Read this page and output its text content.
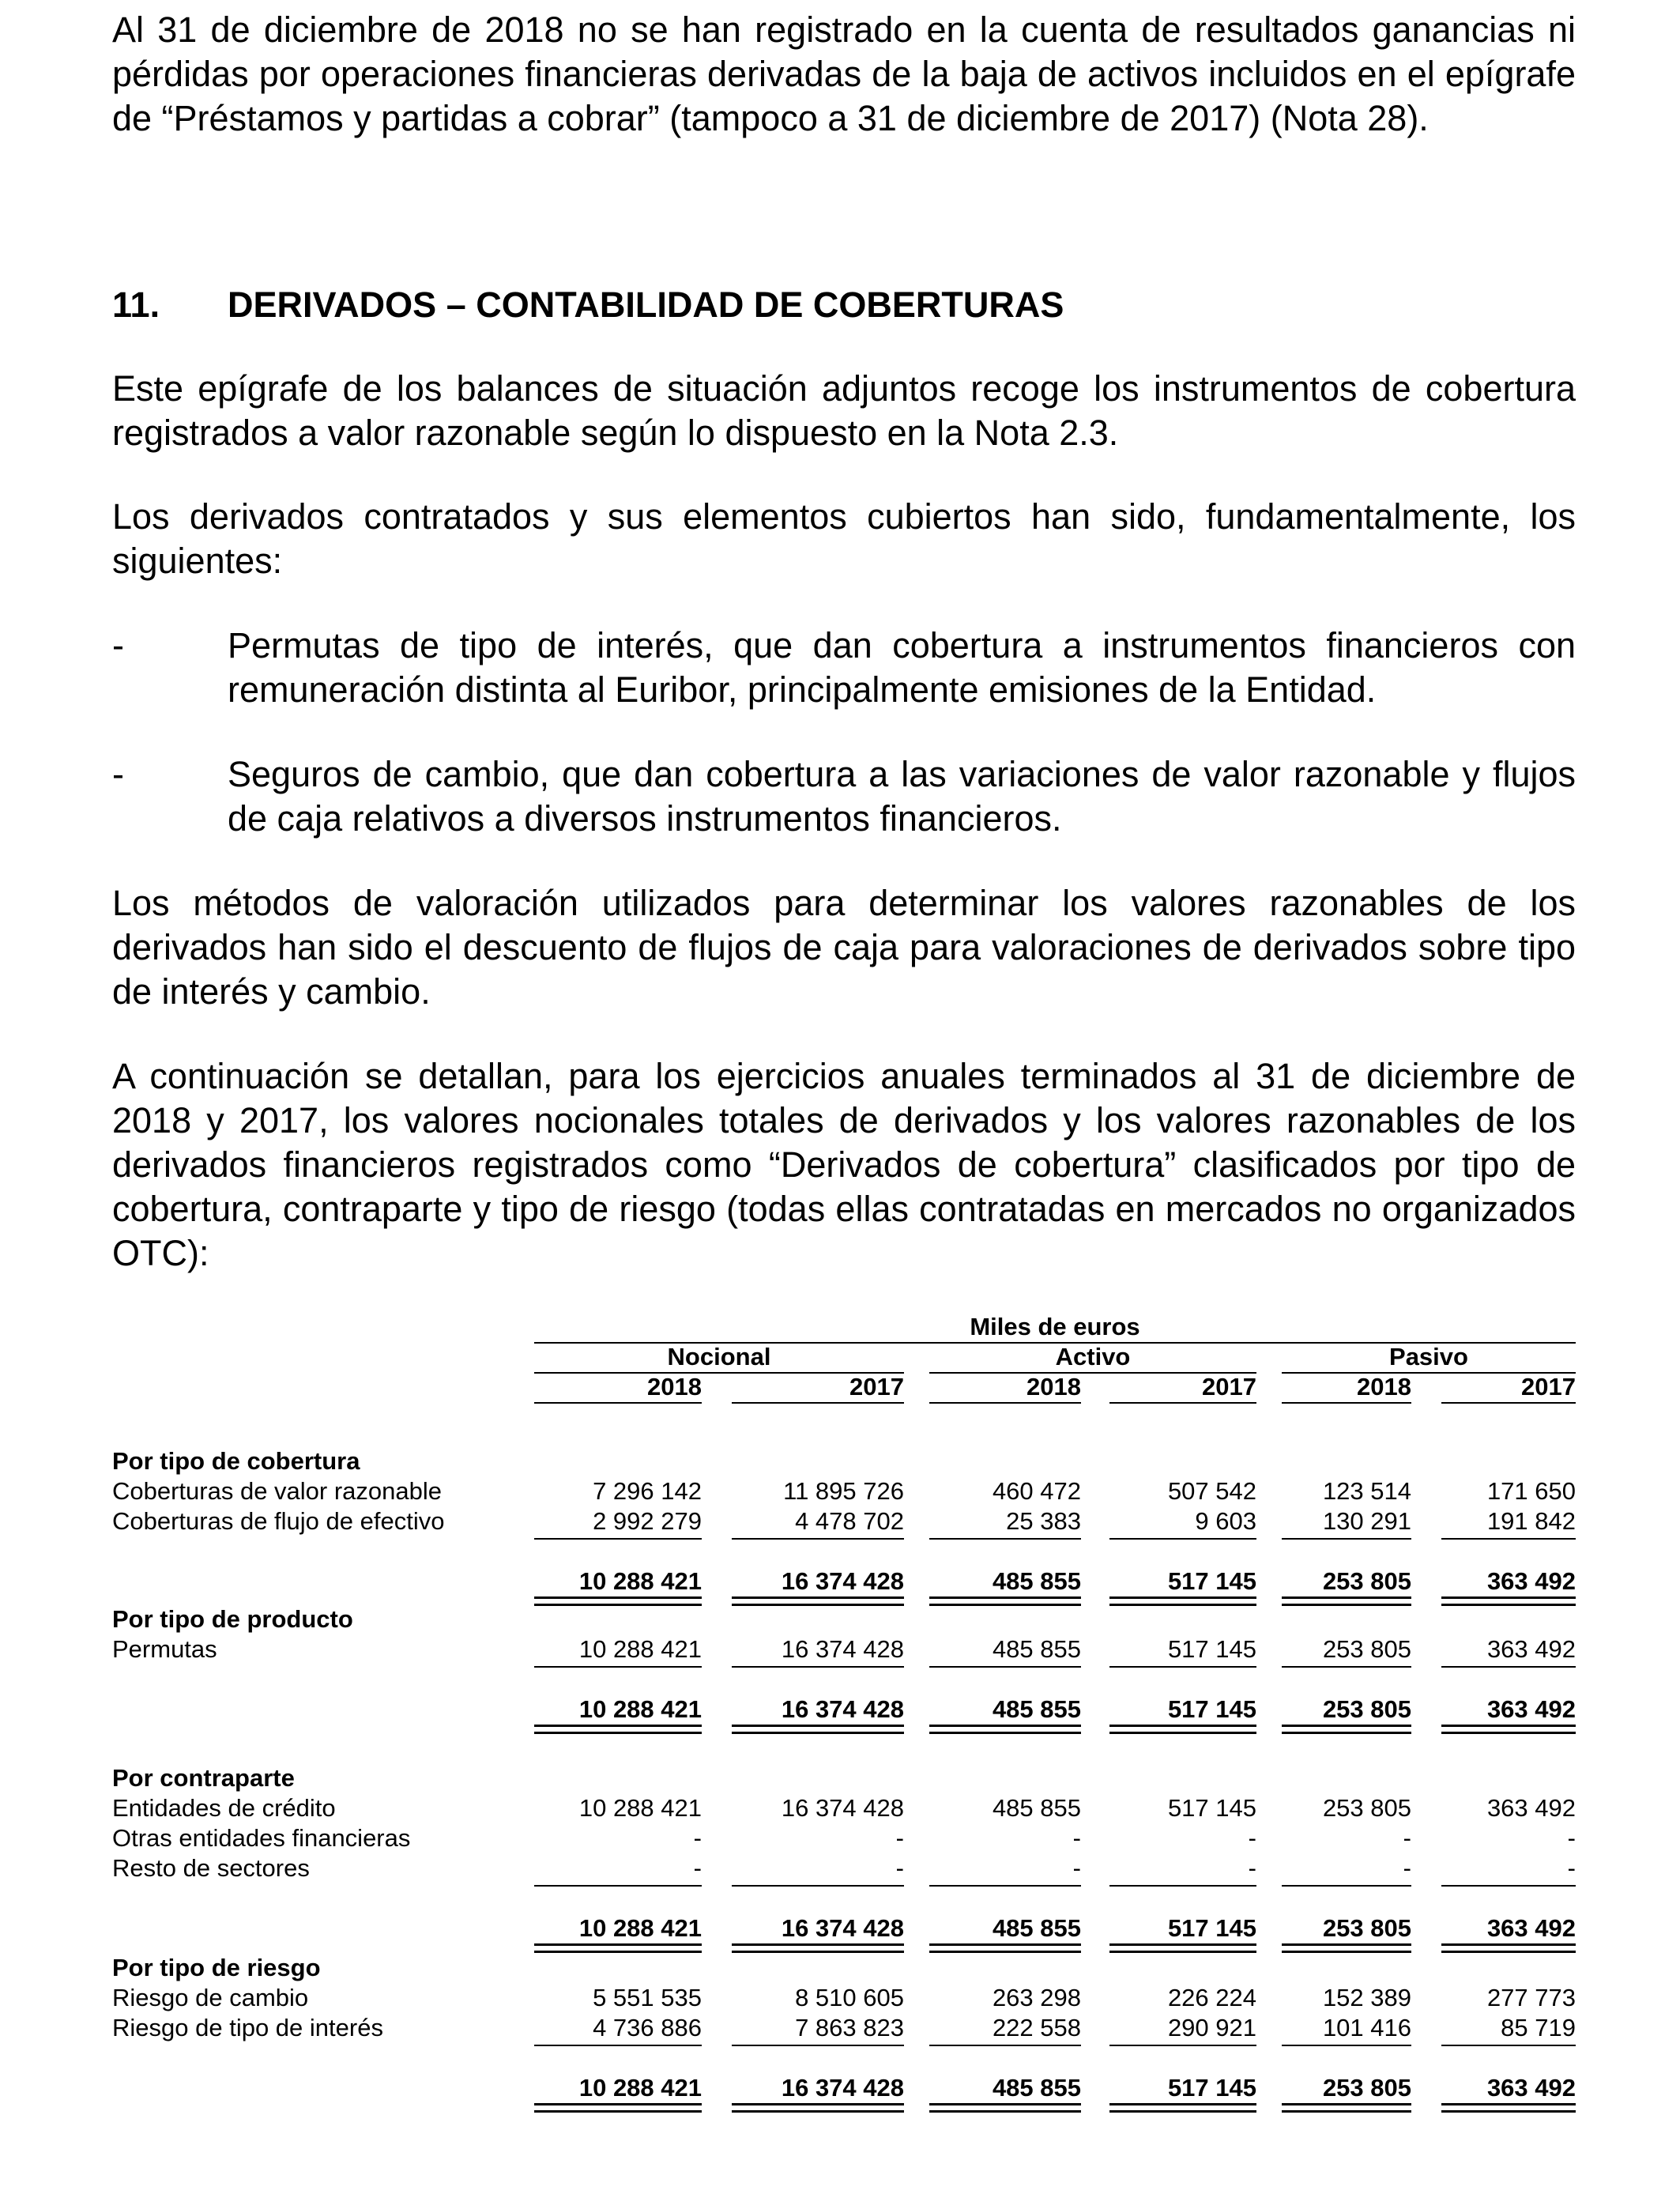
Al 31 de diciembre de 2018 no se han registrado en la cuenta de resultados ganancias ni pérdidas por operaciones financieras derivadas de la baja de activos incluidos en el epígrafe de “Préstamos y partidas a cobrar” (tampoco a 31 de diciembre de 2017) (Nota 28).

11. DERIVADOS – CONTABILIDAD DE COBERTURAS

Este epígrafe de los balances de situación adjuntos recoge los instrumentos de cobertura registrados a valor razonable según lo dispuesto en la Nota 2.3.

Los derivados contratados y sus elementos cubiertos han sido, fundamentalmente, los siguientes:

-	Permutas de tipo de interés, que dan cobertura a instrumentos financieros con remuneración distinta al Euribor, principalmente emisiones de la Entidad.
-	Seguros de cambio, que dan cobertura a las variaciones de valor razonable y flujos de caja relativos a diversos instrumentos financieros.

Los métodos de valoración utilizados para determinar los valores razonables de los derivados han sido el descuento de flujos de caja para valoraciones de derivados sobre tipo de interés y cambio.

A continuación se detallan, para los ejercicios anuales terminados al 31 de diciembre de 2018 y 2017, los valores nocionales totales de derivados y los valores razonables de los derivados financieros registrados como “Derivados de cobertura” clasificados por tipo de cobertura, contraparte y tipo de riesgo (todas ellas contratadas en mercados no organizados OTC):

Miles de euros
Nocional	Activo	Pasivo
2018	2017	2018	2017	2018	2017
Por tipo de cobertura
Coberturas de valor razonable	7 296 142	11 895 726	460 472	507 542	123 514	171 650
Coberturas de flujo de efectivo	2 992 279	4 478 702	25 383	9 603	130 291	191 842
10 288 421	16 374 428	485 855	517 145	253 805	363 492
Por tipo de producto
Permutas	10 288 421	16 374 428	485 855	517 145	253 805	363 492
10 288 421	16 374 428	485 855	517 145	253 805	363 492
Por contraparte
Entidades de crédito	10 288 421	16 374 428	485 855	517 145	253 805	363 492
Otras entidades financieras	-	-	-	-	-	-
Resto de sectores	-	-	-	-	-	-
10 288 421	16 374 428	485 855	517 145	253 805	363 492
Por tipo de riesgo
Riesgo de cambio	5 551 535	8 510 605	263 298	226 224	152 389	277 773
Riesgo de tipo de interés	4 736 886	7 863 823	222 558	290 921	101 416	85 719
10 288 421	16 374 428	485 855	517 145	253 805	363 492
